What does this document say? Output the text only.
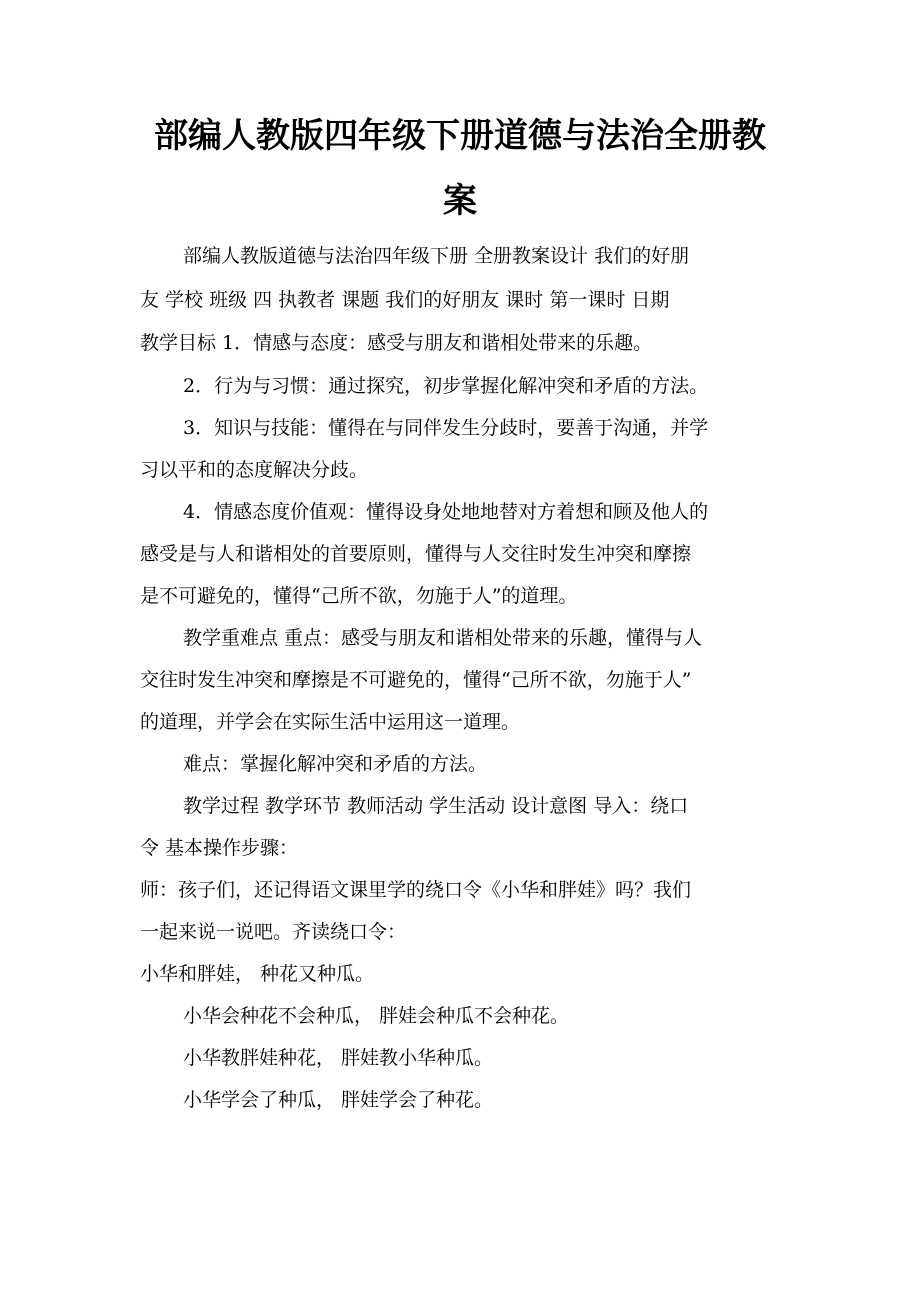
部编人教版四年级下册道德与法治全册教
案
部编人教版道德与法治四年级下册 全册教案设计 我们的好朋
友 学校 班级 四 执教者 课题 我们的好朋友 课时 第一课时 日期
教学目标 1．情感与态度：感受与朋友和谐相处带来的乐趣。
2．行为与习惯：通过探究，初步掌握化解冲突和矛盾的方法。
3．知识与技能：懂得在与同伴发生分歧时，要善于沟通，并学
习以平和的态度解决分歧。
4．情感态度价值观：懂得设身处地地替对方着想和顾及他人的
感受是与人和谐相处的首要原则，懂得与人交往时发生冲突和摩擦
是不可避免的，懂得“己所不欲，勿施于人”的道理。
教学重难点 重点：感受与朋友和谐相处带来的乐趣，懂得与人
交往时发生冲突和摩擦是不可避免的，懂得“己所不欲，勿施于人”
的道理，并学会在实际生活中运用这一道理。
难点：掌握化解冲突和矛盾的方法。
教学过程 教学环节 教师活动 学生活动 设计意图 导入：绕口
令 基本操作步骤：
师：孩子们，还记得语文课里学的绕口令《小华和胖娃》吗？我们
一起来说一说吧。齐读绕口令：
小华和胖娃， 种花又种瓜。
小华会种花不会种瓜， 胖娃会种瓜不会种花。
小华教胖娃种花， 胖娃教小华种瓜。
小华学会了种瓜， 胖娃学会了种花。
